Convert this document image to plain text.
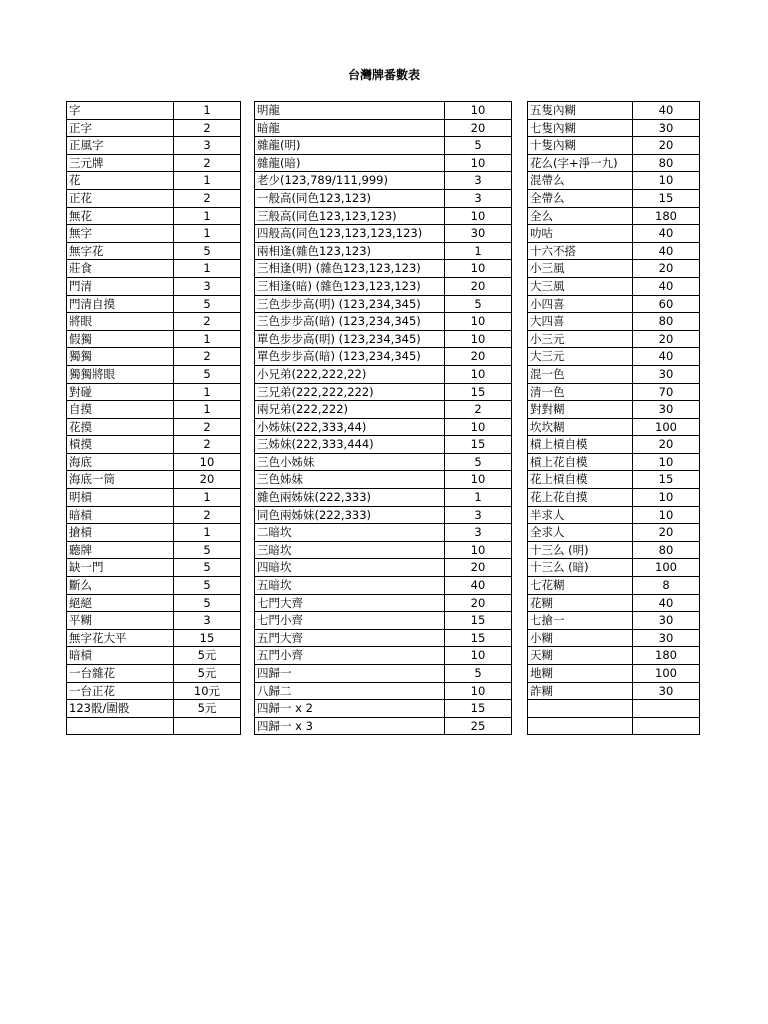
台灣牌番數表
字	1
正字	2
正風字	3
三元牌	2
花	1
正花	2
無花	1
無字	1
無字花	5
莊食	1
門清	3
門清自摸	5
將眼	2
假獨	1
獨獨	2
獨獨將眼	5
對碰	1
自摸	1
花摸	2
槓摸	2
海底	10
海底一筒	20
明槓	1
暗槓	2
搶槓	1
聽牌	5
缺一門	5
斷么	5
絕絕	5
平糊	3
無字花大平	15
暗槓	5元
一台雜花	5元
一台正花	10元
123骰/圍骰	5元

明龍	10
暗龍	20
雜龍(明)	5
雜龍(暗)	10
老少(123,789/111,999)	3
一般高(同色123,123)	3
三般高(同色123,123,123)	10
四般高(同色123,123,123,123)	30
兩相逢(雜色123,123)	1
三相逢(明) (雜色123,123,123)	10
三相逢(暗) (雜色123,123,123)	20
三色步步高(明) (123,234,345)	5
三色步步高(暗) (123,234,345)	10
單色步步高(明) (123,234,345)	10
單色步步高(暗) (123,234,345)	20
小兄弟(222,222,22)	10
三兄弟(222,222,222)	15
兩兄弟(222,222)	2
小姊妹(222,333,44)	10
三姊妹(222,333,444)	15
三色小姊妹	5
三色姊妹	10
雜色兩姊妹(222,333)	1
同色兩姊妹(222,333)	3
二暗坎	3
三暗坎	10
四暗坎	20
五暗坎	40
七門大齊	20
七門小齊	15
五門大齊	15
五門小齊	10
四歸一	5
八歸二	10
四歸一 x 2	15
四歸一 x 3	25
五隻內糊	40
七隻內糊	30
十隻內糊	20
花么(字+淨一九)	80
混帶么	10
全帶么	15
全么	180
叻咕	40
十六不搭	40
小三風	20
大三風	40
小四喜	60
大四喜	80
小三元	20
大三元	40
混一色	30
清一色	70
對對糊	30
坎坎糊	100
槓上槓自模	20
槓上花自模	10
花上槓自模	15
花上花自摸	10
半求人	10
全求人	20
十三么 (明)	80
十三么 (暗)	100
七花糊	8
花糊	40
七搶一	30
小糊	30
天糊	180
地糊	100
詐糊	30
